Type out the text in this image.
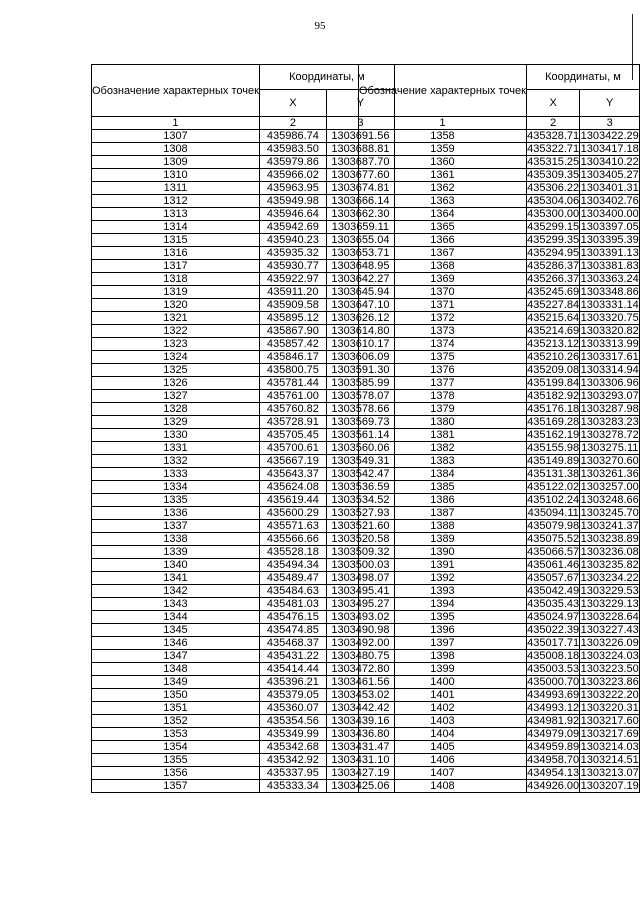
95
Обозначение характерных точек	Координаты, м	
	X	Y
1	2	3
1307	435986.74	1303691.56
1308	435983.50	1303688.81
1309	435979.86	1303687.70
1310	435966.02	1303677.60
1311	435963.95	1303674.81
1312	435949.98	1303666.14
1313	435946.64	1303662.30
1314	435942.69	1303659.11
1315	435940.23	1303655.04
1316	435935.32	1303653.71
1317	435930.77	1303648.95
1318	435922.97	1303642.27
1319	435911.20	1303645.94
1320	435909.58	1303647.10
1321	435895.12	1303626.12
1322	435867.90	1303614.80
1323	435857.42	1303610.17
1324	435846.17	1303606.09
1325	435800.75	1303591.30
1326	435781.44	1303585.99
1327	435761.00	1303578.07
1328	435760.82	1303578.66
1329	435728.91	1303569.73
1330	435705.45	1303561.14
1331	435700.61	1303560.06
1332	435667.19	1303549.31
1333	435643.37	1303542.47
1334	435624.08	1303536.59
1335	435619.44	1303534.52
1336	435600.29	1303527.93
1337	435571.63	1303521.60
1338	435566.66	1303520.58
1339	435528.18	1303509.32
1340	435494.34	1303500.03
1341	435489.47	1303498.07
1342	435484.63	1303495.41
1343	435481.03	1303495.27
1344	435476.15	1303493.02
1345	435474.85	1303490.98
1346	435468.37	1303492.00
1347	435431.22	1303480.75
1348	435414.44	1303472.80
1349	435396.21	1303461.56
1350	435379.05	1303453.02
1351	435360.07	1303442.42
1352	435354.56	1303439.16
1353	435349.99	1303436.80
1354	435342.68	1303431.47
1355	435342.92	1303431.10
1356	435337.95	1303427.19
1357	435333.34	1303425.06
Обозначение характерных точек	Координаты, м	
	X	Y
1	2	3
1358	435328.71	1303422.29
1359	435322.71	1303417.18
1360	435315.25	1303410.22
1361	435309.35	1303405.27
1362	435306.22	1303401.31
1363	435304.06	1303402.76
1364	435300.00	1303400.00
1365	435299.15	1303397.05
1366	435299.35	1303395.39
1367	435294.95	1303391.13
1368	435286.37	1303381.83
1369	435266.37	1303363.24
1370	435245.69	1303348.86
1371	435227.84	1303331.14
1372	435215.64	1303320.75
1373	435214.69	1303320.82
1374	435213.12	1303313.99
1375	435210.26	1303317.61
1376	435209.08	1303314.94
1377	435199.84	1303306.96
1378	435182.92	1303293.07
1379	435176.18	1303287.98
1380	435169.28	1303283.23
1381	435162.19	1303278.72
1382	435155.98	1303275.11
1383	435149.89	1303270.60
1384	435131.38	1303261.36
1385	435122.02	1303257.00
1386	435102.24	1303248.66
1387	435094.11	1303245.70
1388	435079.98	1303241.37
1389	435075.52	1303238.89
1390	435066.57	1303236.08
1391	435061.46	1303235.82
1392	435057.67	1303234.22
1393	435042.49	1303229.53
1394	435035.43	1303229.13
1395	435024.97	1303228.64
1396	435022.39	1303227.43
1397	435017.71	1303226.09
1398	435008.18	1303224.03
1399	435003.53	1303223.50
1400	435000.70	1303223.86
1401	434993.69	1303222.20
1402	434993.12	1303220.31
1403	434981.92	1303217.60
1404	434979.09	1303217.69
1405	434959.89	1303214.03
1406	434958.70	1303214.51
1407	434954.13	1303213.07
1408	434926.00	1303207.19
